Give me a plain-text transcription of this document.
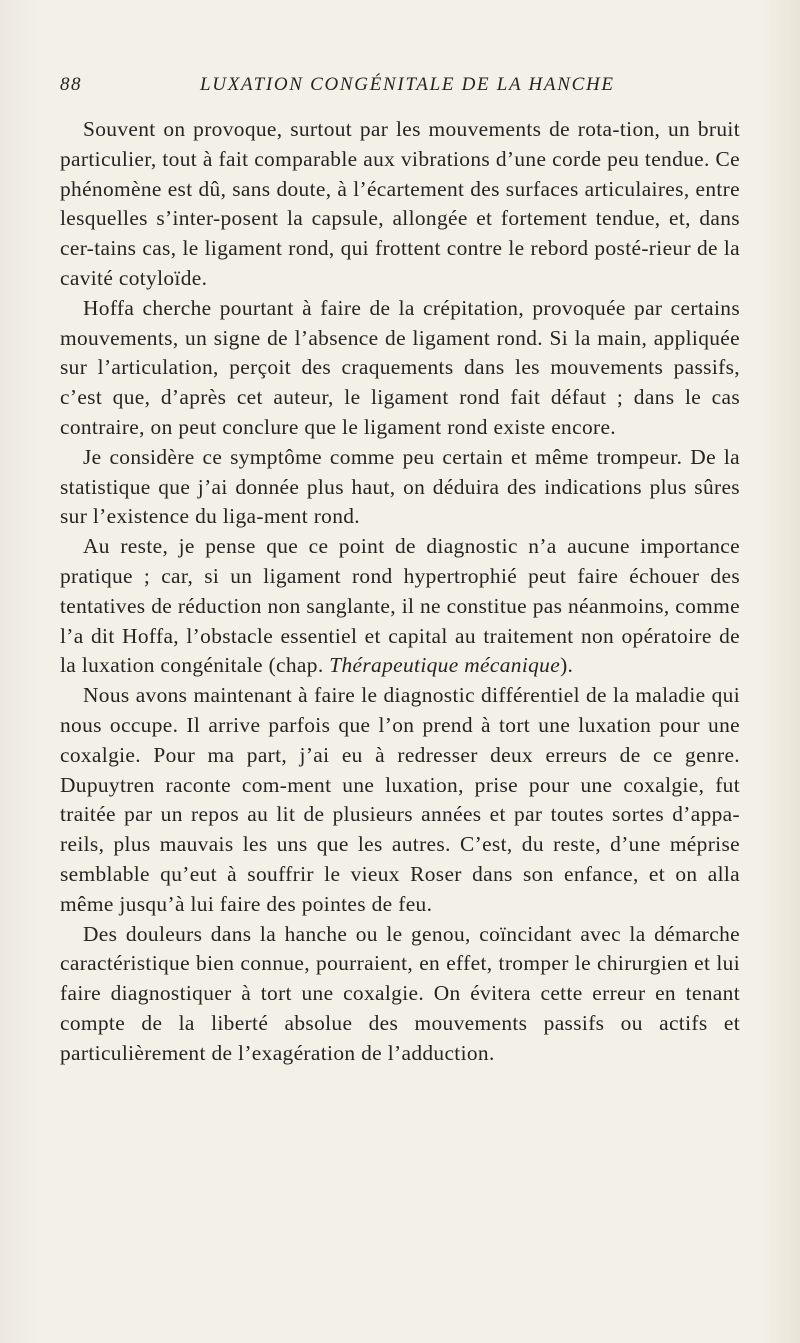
88	LUXATION CONGÉNITALE DE LA HANCHE

Souvent on provoque, surtout par les mouvements de rota-tion, un bruit particulier, tout à fait comparable aux vibrations d’une corde peu tendue. Ce phénomène est dû, sans doute, à l’écartement des surfaces articulaires, entre lesquelles s’inter-posent la capsule, allongée et fortement tendue, et, dans cer-tains cas, le ligament rond, qui frottent contre le rebord posté-rieur de la cavité cotyloïde.

Hoffa cherche pourtant à faire de la crépitation, provoquée par certains mouvements, un signe de l’absence de ligament rond. Si la main, appliquée sur l’articulation, perçoit des craquements dans les mouvements passifs, c’est que, d’après cet auteur, le ligament rond fait défaut ; dans le cas contraire, on peut conclure que le ligament rond existe encore.

Je considère ce symptôme comme peu certain et même trompeur. De la statistique que j’ai donnée plus haut, on déduira des indications plus sûres sur l’existence du liga-ment rond.

Au reste, je pense que ce point de diagnostic n’a aucune importance pratique ; car, si un ligament rond hypertrophié peut faire échouer des tentatives de réduction non sanglante, il ne constitue pas néanmoins, comme l’a dit Hoffa, l’obstacle essentiel et capital au traitement non opératoire de la luxation congénitale (chap. Thérapeutique mécanique).

Nous avons maintenant à faire le diagnostic différentiel de la maladie qui nous occupe. Il arrive parfois que l’on prend à tort une luxation pour une coxalgie. Pour ma part, j’ai eu à redresser deux erreurs de ce genre. Dupuytren raconte com-ment une luxation, prise pour une coxalgie, fut traitée par un repos au lit de plusieurs années et par toutes sortes d’appa-reils, plus mauvais les uns que les autres. C’est, du reste, d’une méprise semblable qu’eut à souffrir le vieux Roser dans son enfance, et on alla même jusqu’à lui faire des pointes de feu.

Des douleurs dans la hanche ou le genou, coïncidant avec la démarche caractéristique bien connue, pourraient, en effet, tromper le chirurgien et lui faire diagnostiquer à tort une coxalgie. On évitera cette erreur en tenant compte de la liberté absolue des mouvements passifs ou actifs et particulièrement de l’exagération de l’adduction.
